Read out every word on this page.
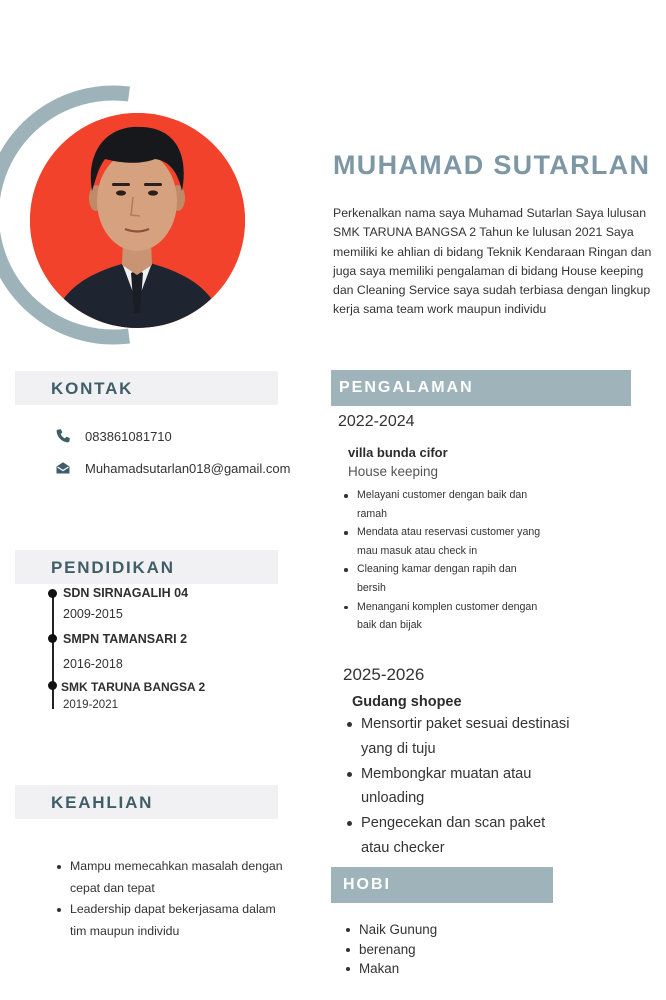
MUHAMAD SUTARLAN
Perkenalkan nama saya Muhamad Sutarlan Saya lulusan SMK TARUNA BANGSA 2 Tahun ke lulusan 2021 Saya memiliki ke ahlian di bidang Teknik Kendaraan Ringan dan juga saya memiliki pengalaman di bidang House keeping dan Cleaning Service saya sudah terbiasa dengan lingkup kerja sama team work maupun individu
KONTAK
083861081710
Muhamadsutarlan018@gamail.com
PENDIDIKAN
SDN SIRNAGALIH 04
2009-2015
SMPN TAMANSARI 2
2016-2018
SMK TARUNA BANGSA 2
2019-2021
KEAHLIAN
Mampu memecahkan masalah dengan cepat dan tepat
Leadership dapat bekerjasama dalam tim maupun individu
PENGALAMAN
2022-2024
villa bunda cifor
House keeping
Melayani customer dengan baik dan ramah
Mendata atau reservasi customer yang mau masuk atau check in
Cleaning kamar dengan rapih dan bersih
Menangani komplen customer dengan baik dan bijak
2025-2026
Gudang shopee
Mensortir paket sesuai destinasi yang di tuju
Membongkar muatan atau unloading
Pengecekan dan scan paket atau checker
HOBI
Naik Gunung
berenang
Makan
